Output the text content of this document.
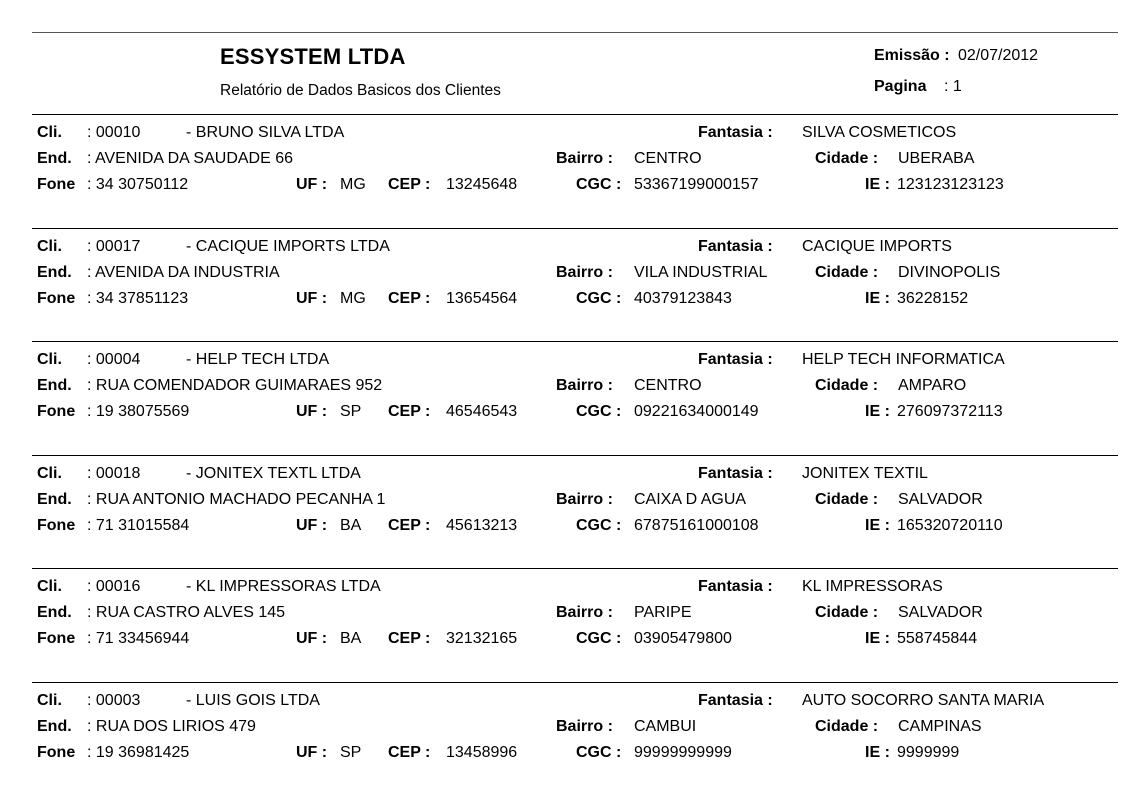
ESSYSTEM LTDA
Relatório de Dados Basicos dos Clientes
Emissão : 02/07/2012
Pagina : 1
Cli. : 00010	- BRUNO SILVA LTDA	Fantasia : SILVA COSMETICOS
End. : AVENIDA DA SAUDADE 66	Bairro : CENTRO	Cidade : UBERABA
Fone : 34 30750112	UF : MG CEP : 13245648	CGC : 53367199000157	IE : 123123123123
Cli. : 00017	- CACIQUE IMPORTS LTDA	Fantasia : CACIQUE IMPORTS
End. : AVENIDA DA INDUSTRIA	Bairro : VILA INDUSTRIAL	Cidade : DIVINOPOLIS
Fone : 34 37851123	UF : MG CEP : 13654564	CGC : 40379123843	IE : 36228152
Cli. : 00004	- HELP TECH LTDA	Fantasia : HELP TECH INFORMATICA
End. : RUA COMENDADOR GUIMARAES 952	Bairro : CENTRO	Cidade : AMPARO
Fone : 19 38075569	UF : SP CEP : 46546543	CGC : 09221634000149	IE : 276097372113
Cli. : 00018	- JONITEX TEXTL LTDA	Fantasia : JONITEX TEXTIL
End. : RUA ANTONIO MACHADO PECANHA 1	Bairro : CAIXA D AGUA	Cidade : SALVADOR
Fone : 71 31015584	UF : BA CEP : 45613213	CGC : 67875161000108	IE : 165320720110
Cli. : 00016	- KL IMPRESSORAS LTDA	Fantasia : KL IMPRESSORAS
End. : RUA CASTRO ALVES 145	Bairro : PARIPE	Cidade : SALVADOR
Fone : 71 33456944	UF : BA CEP : 32132165	CGC : 03905479800	IE : 558745844
Cli. : 00003	- LUIS GOIS LTDA	Fantasia : AUTO SOCORRO SANTA MARIA
End. : RUA DOS LIRIOS 479	Bairro : CAMBUI	Cidade : CAMPINAS
Fone : 19 36981425	UF : SP CEP : 13458996	CGC : 99999999999	IE : 9999999
